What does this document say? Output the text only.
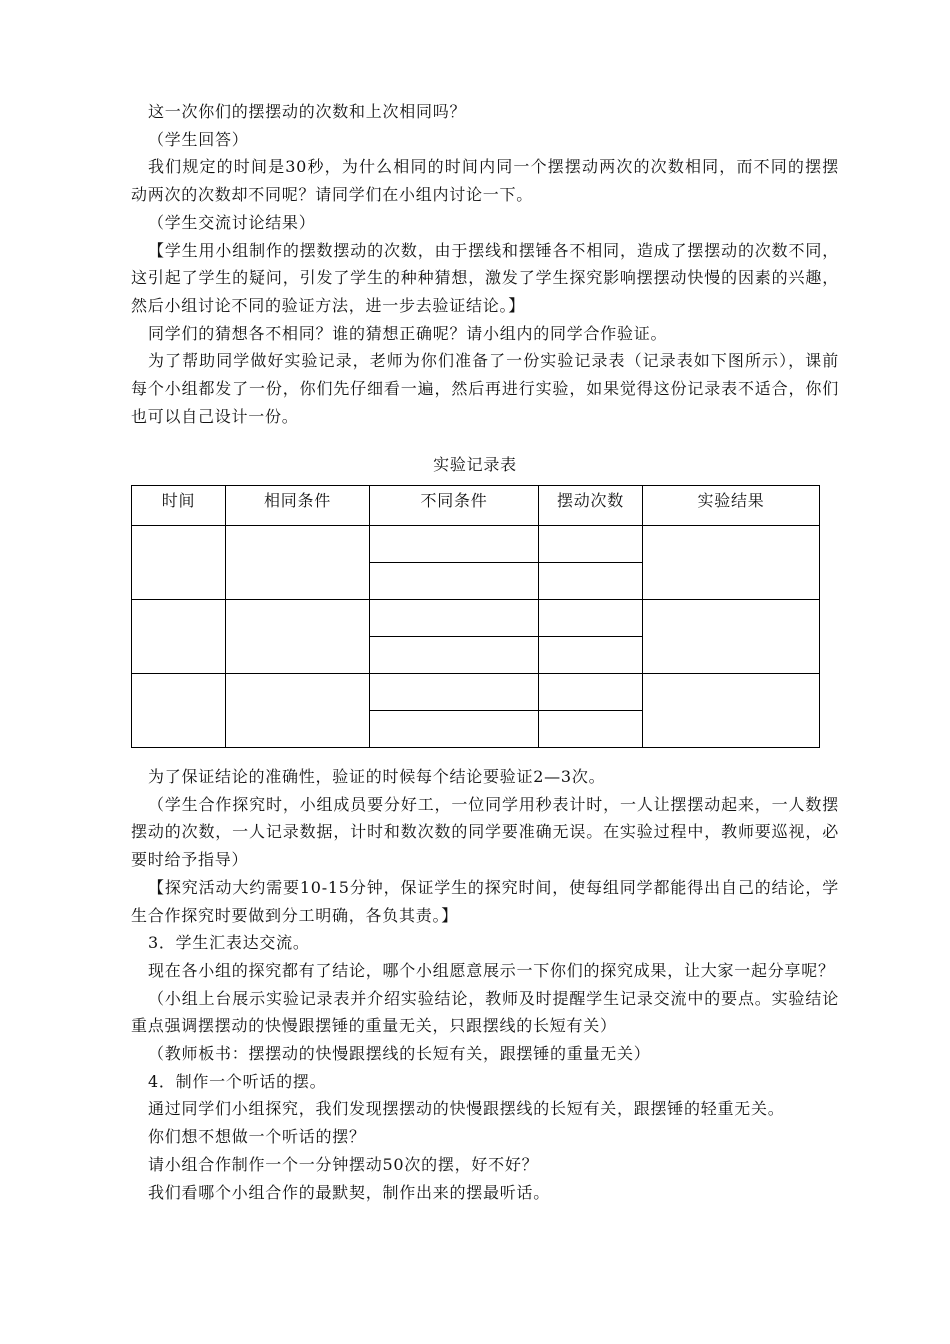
这一次你们的摆摆动的次数和上次相同吗？

（学生回答）

我们规定的时间是30秒，为什么相同的时间内同一个摆摆动两次的次数相同，而不同的摆摆动两次的次数却不同呢？请同学们在小组内讨论一下。

（学生交流讨论结果）

【学生用小组制作的摆数摆动的次数，由于摆线和摆锤各不相同，造成了摆摆动的次数不同，这引起了学生的疑问，引发了学生的种种猜想，激发了学生探究影响摆摆动快慢的因素的兴趣，然后小组讨论不同的验证方法，进一步去验证结论。】

同学们的猜想各不相同？谁的猜想正确呢？请小组内的同学合作验证。

为了帮助同学做好实验记录，老师为你们准备了一份实验记录表（记录表如下图所示），课前每个小组都发了一份，你们先仔细看一遍，然后再进行实验，如果觉得这份记录表不适合，你们也可以自己设计一份。

实验记录表
时间	相同条件	不同条件	摆动次数	实验结果

为了保证结论的准确性，验证的时候每个结论要验证2—3次。

（学生合作探究时，小组成员要分好工，一位同学用秒表计时，一人让摆摆动起来，一人数摆摆动的次数，一人记录数据，计时和数次数的同学要准确无误。在实验过程中，教师要巡视，必要时给予指导）

【探究活动大约需要10-15分钟，保证学生的探究时间，使每组同学都能得出自己的结论，学生合作探究时要做到分工明确，各负其责。】

3．学生汇表达交流。

现在各小组的探究都有了结论，哪个小组愿意展示一下你们的探究成果，让大家一起分享呢？

（小组上台展示实验记录表并介绍实验结论，教师及时提醒学生记录交流中的要点。实验结论重点强调摆摆动的快慢跟摆锤的重量无关，只跟摆线的长短有关）

（教师板书：摆摆动的快慢跟摆线的长短有关，跟摆锤的重量无关）

4．制作一个听话的摆。

通过同学们小组探究，我们发现摆摆动的快慢跟摆线的长短有关，跟摆锤的轻重无关。

你们想不想做一个听话的摆？

请小组合作制作一个一分钟摆动50次的摆，好不好？

我们看哪个小组合作的最默契，制作出来的摆最听话。
